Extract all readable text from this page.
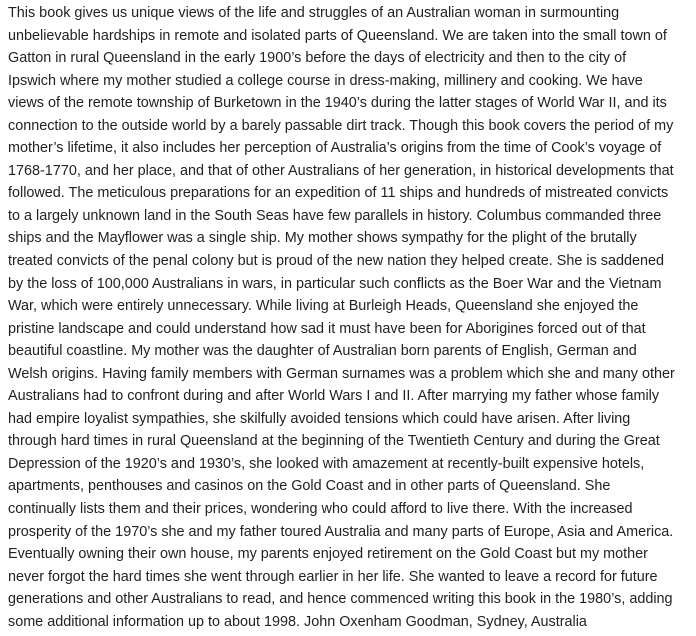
This book gives us unique views of the life and struggles of an Australian woman in surmounting

unbelievable hardships in remote and isolated parts of Queensland. We are taken into the small town of

Gatton in rural Queensland in the early 1900’s before the days of electricity and then to the city of

Ipswich where my mother studied a college course in dress-making, millinery and cooking. We have

views of the remote township of Burketown in the 1940’s during the latter stages of World War II, and its

connection to the outside world by a barely passable dirt track. Though this book covers the period of my

mother’s lifetime, it also includes her perception of Australia’s origins from the time of Cook’s voyage of

1768-1770, and her place, and that of other Australians of her generation, in historical developments that

followed. The meticulous preparations for an expedition of 11 ships and hundreds of mistreated convicts

to a largely unknown land in the South Seas have few parallels in history. Columbus commanded three

ships and the Mayflower was a single ship. My mother shows sympathy for the plight of the brutally

treated convicts of the penal colony but is proud of the new nation they helped create. She is saddened

by the loss of 100,000 Australians in wars, in particular such conflicts as the Boer War and the Vietnam

War, which were entirely unnecessary. While living at Burleigh Heads, Queensland she enjoyed the

pristine landscape and could understand how sad it must have been for Aborigines forced out of that

beautiful coastline. My mother was the daughter of Australian born parents of English, German and

Welsh origins. Having family members with German surnames was a problem which she and many other

Australians had to confront during and after World Wars I and II. After marrying my father whose family

had empire loyalist sympathies, she skilfully avoided tensions which could have arisen. After living

through hard times in rural Queensland at the beginning of the Twentieth Century and during the Great

Depression of the 1920’s and 1930’s, she looked with amazement at recently-built expensive hotels,

apartments, penthouses and casinos on the Gold Coast and in other parts of Queensland. She

continually lists them and their prices, wondering who could afford to live there. With the increased

prosperity of the 1970’s she and my father toured Australia and many parts of Europe, Asia and America.

Eventually owning their own house, my parents enjoyed retirement on the Gold Coast but my mother

never forgot the hard times she went through earlier in her life. She wanted to leave a record for future

generations and other Australians to read, and hence commenced writing this book in the 1980’s, adding

some additional information up to about 1998. John Oxenham Goodman, Sydney, Australia
